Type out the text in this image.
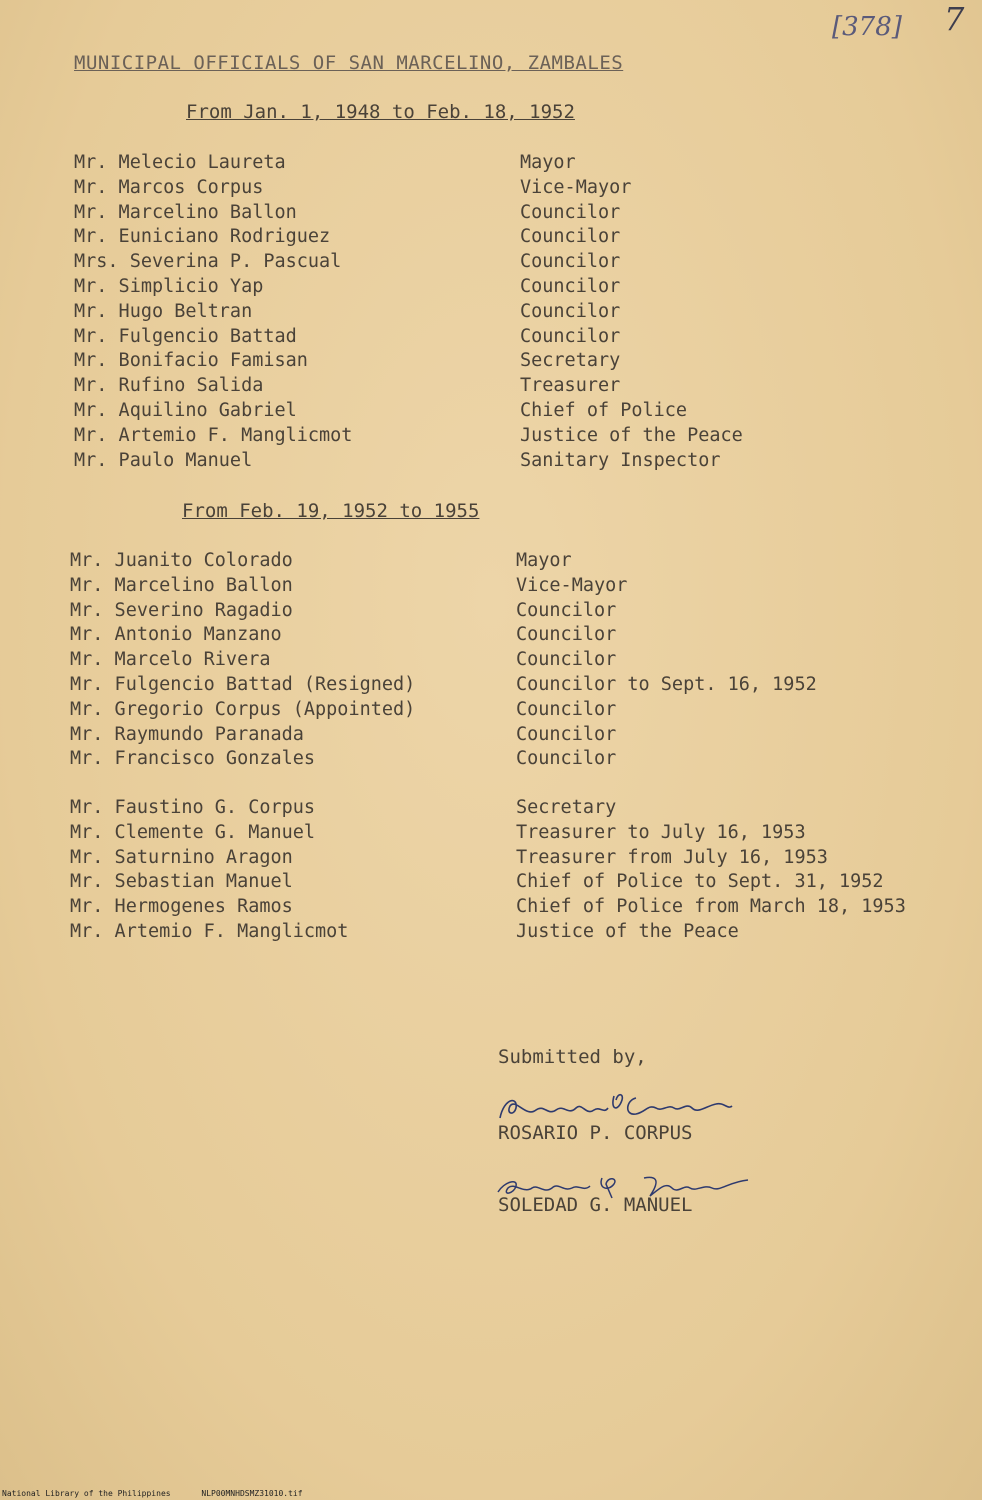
[378] 7
MUNICIPAL OFFICIALS OF SAN MARCELINO, ZAMBALES
From Jan. 1, 1948 to Feb. 18, 1952
Mr. Melecio Laureta	Mayor
Mr. Marcos Corpus	Vice-Mayor
Mr. Marcelino Ballon	Councilor
Mr. Euniciano Rodriguez	Councilor
Mrs. Severina P. Pascual	Councilor
Mr. Simplicio Yap	Councilor
Mr. Hugo Beltran	Councilor
Mr. Fulgencio Battad	Councilor
Mr. Bonifacio Famisan	Secretary
Mr. Rufino Salida	Treasurer
Mr. Aquilino Gabriel	Chief of Police
Mr. Artemio F. Manglicmot	Justice of the Peace
Mr. Paulo Manuel	Sanitary Inspector
From Feb. 19, 1952 to 1955
Mr. Juanito Colorado	Mayor
Mr. Marcelino Ballon	Vice-Mayor
Mr. Severino Ragadio	Councilor
Mr. Antonio Manzano	Councilor
Mr. Marcelo Rivera	Councilor
Mr. Fulgencio Battad (Resigned)	Councilor to Sept. 16, 1952
Mr. Gregorio Corpus (Appointed)	Councilor
Mr. Raymundo Paranada	Councilor
Mr. Francisco Gonzales	Councilor
Mr. Faustino G. Corpus	Secretary
Mr. Clemente G. Manuel	Treasurer to July 16, 1953
Mr. Saturnino Aragon	Treasurer from July 16, 1953
Mr. Sebastian Manuel	Chief of Police to Sept. 31, 1952
Mr. Hermogenes Ramos	Chief of Police from March 18, 1953
Mr. Artemio F. Manglicmot	Justice of the Peace
Submitted by,
ROSARIO P. CORPUS
SOLEDAD G. MANUEL
National Library of the Philippines	NLP00MNHDSMZ31010.tif
